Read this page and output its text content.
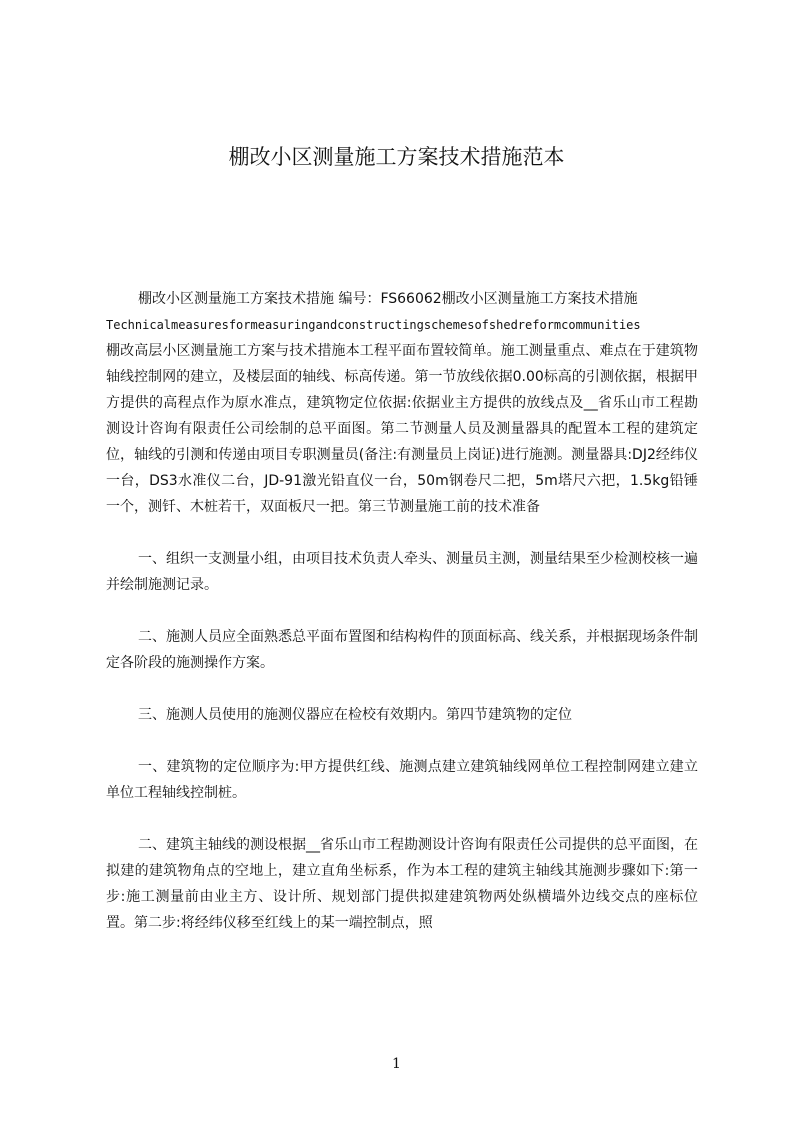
棚改小区测量施工方案技术措施范本

棚改小区测量施工方案技术措施 编号：FS66062棚改小区测量施工方案技术措施

Technicalmeasuresformeasuringandconstructingschemesofshedreformcommunities

棚改高层小区测量施工方案与技术措施本工程平面布置较简单。施工测量重点、难点在于建筑物轴线控制网的建立，及楼层面的轴线、标高传递。第一节放线依据0.00标高的引测依据，根据甲方提供的高程点作为原水准点，建筑物定位依据:依据业主方提供的放线点及__省乐山市工程勘测设计咨询有限责任公司绘制的总平面图。第二节测量人员及测量器具的配置本工程的建筑定位，轴线的引测和传递由项目专职测量员(备注:有测量员上岗证)进行施测。测量器具:DJ2经纬仪一台，DS3水准仪二台，JD-91激光铅直仪一台，50m钢卷尺二把，5m塔尺六把，1.5kg铅锤一个，测钎、木桩若干，双面板尺一把。第三节测量施工前的技术准备

一、组织一支测量小组，由项目技术负责人牵头、测量员主测，测量结果至少检测校核一遍并绘制施测记录。

二、施测人员应全面熟悉总平面布置图和结构构件的顶面标高、线关系，并根据现场条件制定各阶段的施测操作方案。

三、施测人员使用的施测仪器应在检校有效期内。第四节建筑物的定位

一、建筑物的定位顺序为:甲方提供红线、施测点建立建筑轴线网单位工程控制网建立建立单位工程轴线控制桩。

二、建筑主轴线的测设根据__省乐山市工程勘测设计咨询有限责任公司提供的总平面图，在拟建的建筑物角点的空地上，建立直角坐标系，作为本工程的建筑主轴线其施测步骤如下:第一步:施工测量前由业主方、设计所、规划部门提供拟建建筑物两处纵横墙外边线交点的座标位置。第二步:将经纬仪移至红线上的某一端控制点，照

1
